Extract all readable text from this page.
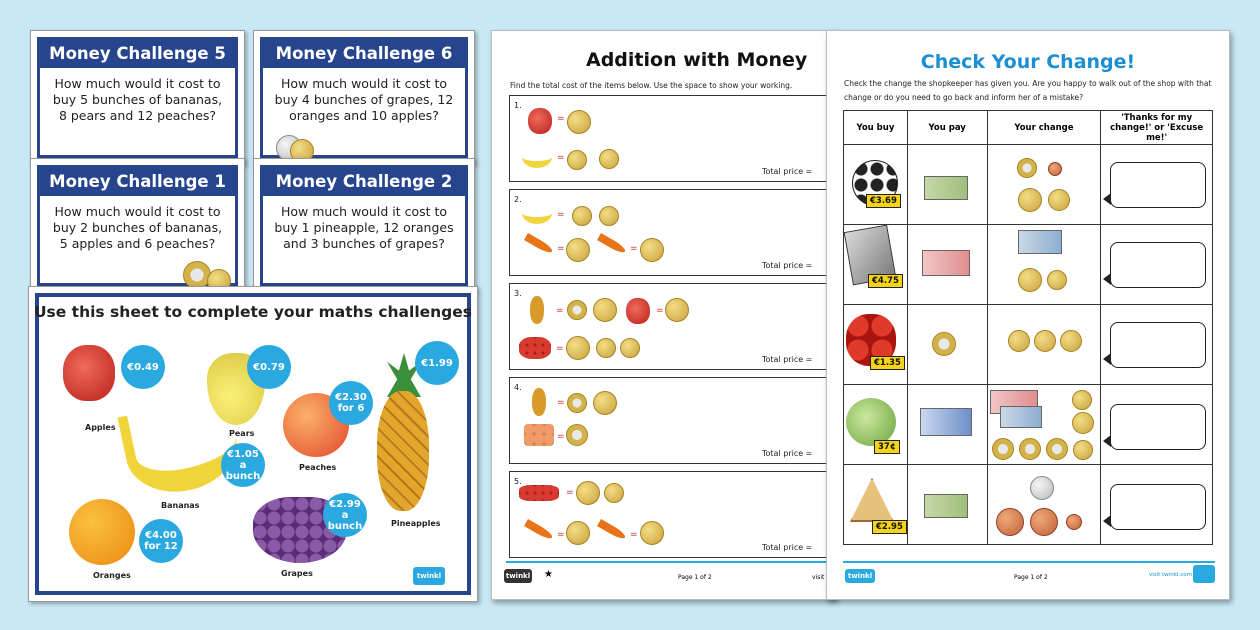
Money Challenge 5
How much would it cost to buy 5 bunches of bananas, 8 pears and 12 peaches?
Money Challenge 6
How much would it cost to buy 4 bunches of grapes, 12 oranges and 10 apples?
Money Challenge 1
How much would it cost to buy 2 bunches of bananas, 5 apples and 6 peaches?
Money Challenge 2
How much would it cost to buy 1 pineapple, 12 oranges and 3 bunches of grapes?
Use this sheet to complete your maths challenges
Apples
€0.49
Pears
€0.79
Peaches
€2.30 for 6
Pineapples
€1.99
Bananas
€1.05 a bunch
Oranges
€4.00 for 12
Grapes
€2.99 a bunch
twinkl
Addition with Money
Find the total cost of the items below. Use the space to show your working.
twinkl ★	Page 1 of 2	visit
1.
2.
3.
4.
5.
Total price =
Total price =
Total price =
Total price =
Total price =
=
=
=
=	=
=	=
=
=
=
=
=	=
Check Your Change!
Check the change the shopkeeper has given you. Are you happy to walk out of the shop with that change or do you need to go back and inform her of a mistake?
twinkl	Page 1 of 2	visit twinkl.com
You buy	You pay	Your change	'Thanks for my change!' or 'Excuse me!'

€3.69
€4.75
€1.35
37¢
€2.95
